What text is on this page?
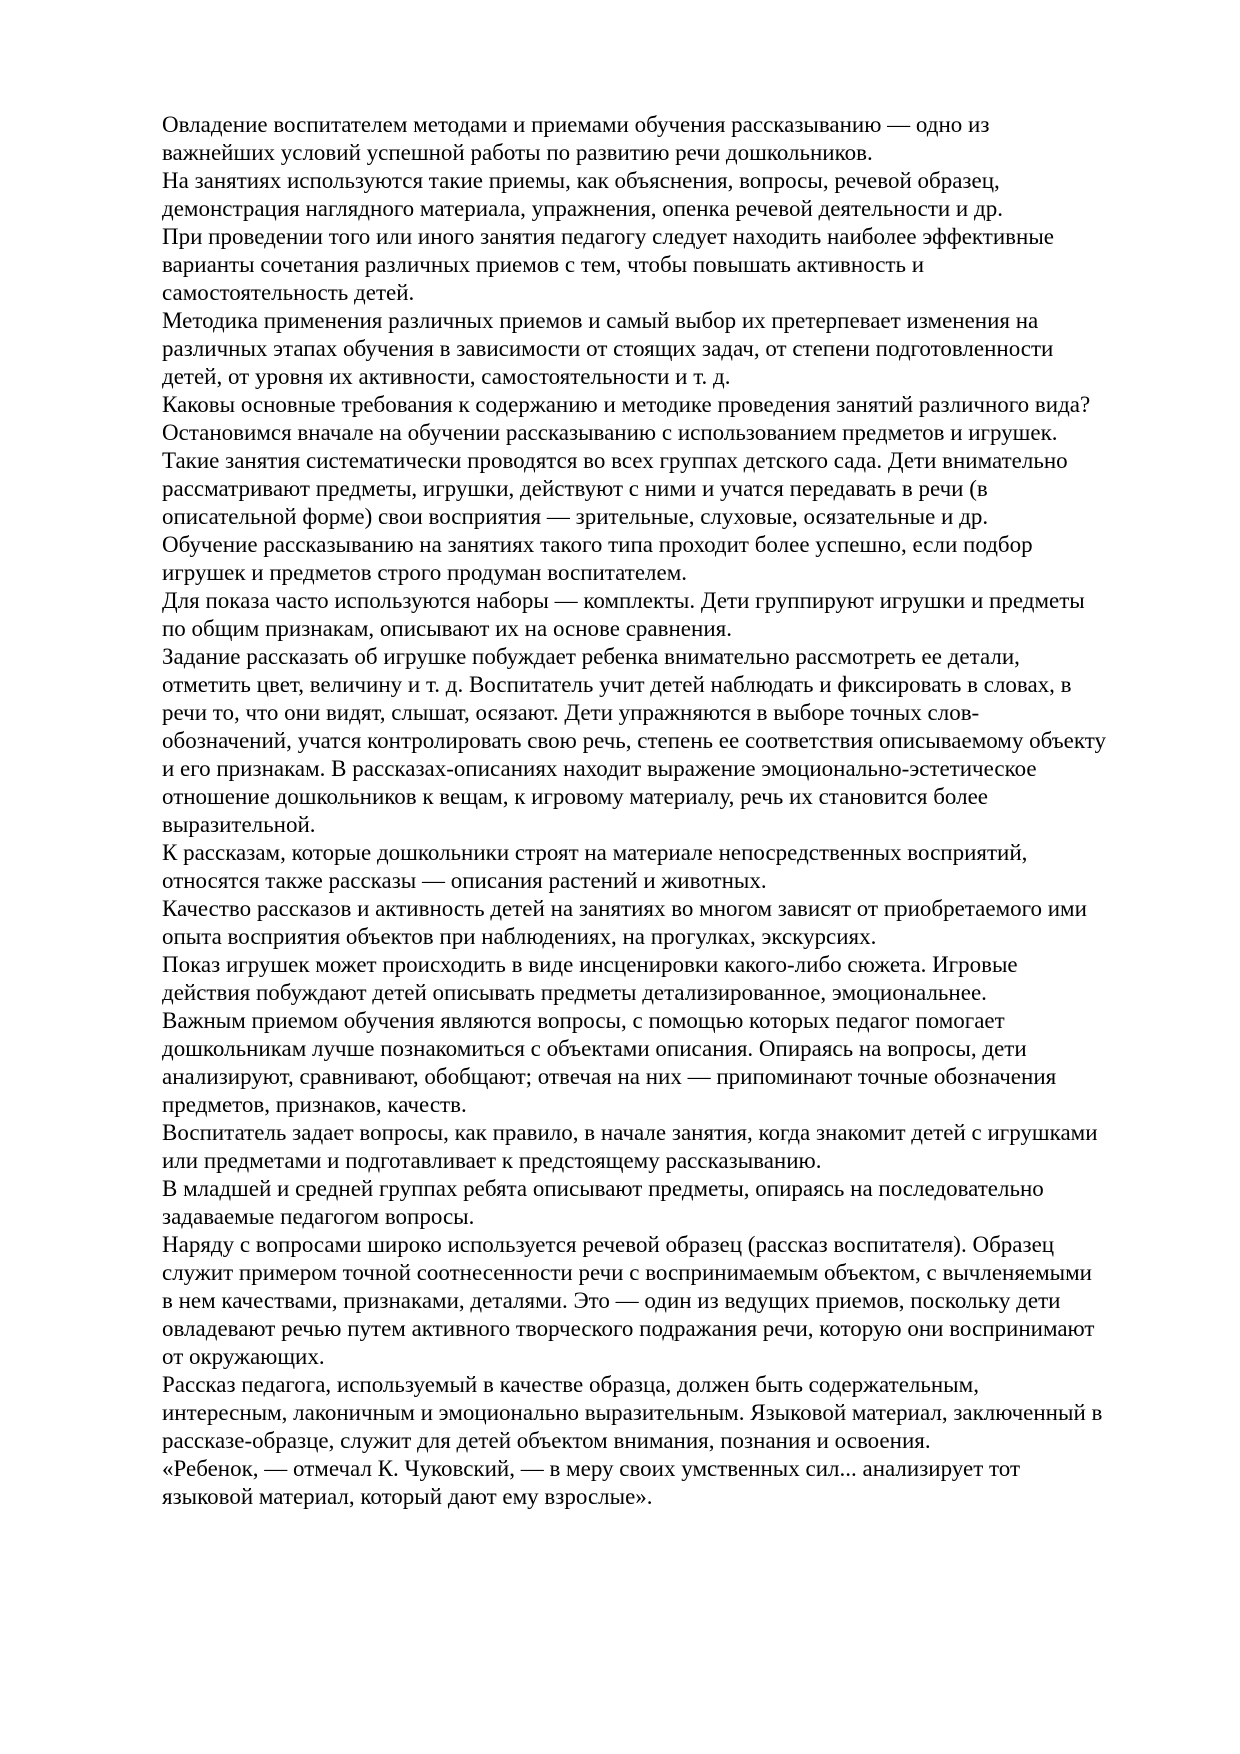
Овладение воспитателем методами и приемами обучения рассказыванию — одно из важнейших условий успешной работы по развитию речи дошкольников.

На занятиях используются такие приемы, как объяснения, вопросы, речевой образец, демонстрация наглядного материала, упражнения, опенка речевой деятельности и др.

При проведении того или иного занятия педагогу следует находить наиболее эффективные варианты сочетания различных приемов с тем, чтобы повышать активность и самостоятельность детей.

Методика применения различных приемов и самый выбор их претерпевает изменения на различных этапах обучения в зависимости от стоящих задач, от степени подготовленности детей, от уровня их активности, самостоятельности и т. д.

Каковы основные требования к содержанию и методике проведения занятий различного вида?

Остановимся вначале на обучении рассказыванию с использованием предметов и игрушек.

Такие занятия систематически проводятся во всех группах детского сада. Дети внимательно рассматривают предметы, игрушки, действуют с ними и учатся передавать в речи (в описательной форме) свои восприятия — зрительные, слуховые, осязательные и др.

Обучение рассказыванию на занятиях такого типа проходит более успешно, если подбор игрушек и предметов строго продуман воспитателем.

Для показа часто используются наборы — комплекты. Дети группируют игрушки и предметы по общим признакам, описывают их на основе сравнения.

Задание рассказать об игрушке побуждает ребенка внимательно рассмотреть ее детали, отметить цвет, величину и т. д. Воспитатель учит детей наблюдать и фиксировать в словах, в речи то, что они видят, слышат, осязают. Дети упражняются в выборе точных слов-обозначений, учатся контролировать свою речь, степень ее соответствия описываемому объекту и его признакам. В рассказах-описаниях находит выражение эмоционально-эстетическое отношение дошкольников к вещам, к игровому материалу, речь их становится более выразительной.

К рассказам, которые дошкольники строят на материале непосредственных восприятий, относятся также рассказы — описания растений и животных.

Качество рассказов и активность детей на занятиях во многом зависят от приобретаемого ими опыта восприятия объектов при наблюдениях, на прогулках, экскурсиях.

Показ игрушек может происходить в виде инсценировки какого-либо сюжета. Игровые действия побуждают детей описывать предметы детализированное, эмоциональнее.

Важным приемом обучения являются вопросы, с помощью которых педагог помогает дошкольникам лучше познакомиться с объектами описания. Опираясь на вопросы, дети анализируют, сравнивают, обобщают; отвечая на них — припоминают точные обозначения предметов, признаков, качеств.

Воспитатель задает вопросы, как правило, в начале занятия, когда знакомит детей с игрушками или предметами и подготавливает к предстоящему рассказыванию.

В младшей и средней группах ребята описывают предметы, опираясь на последовательно задаваемые педагогом вопросы.

Наряду с вопросами широко используется речевой образец (рассказ воспитателя). Образец служит примером точной соотнесенности речи с воспринимаемым объектом, с вычленяемыми в нем качествами, признаками, деталями. Это — один из ведущих приемов, поскольку дети овладевают речью путем активного творческого подражания речи, которую они воспринимают от окружающих.

Рассказ педагога, используемый в качестве образца, должен быть содержательным, интересным, лаконичным и эмоционально выразительным. Языковой материал, заключенный в рассказе-образце, служит для детей объектом внимания, познания и освоения.

«Ребенок, — отмечал К. Чуковский, — в меру своих умственных сил... анализирует тот языковой материал, который дают ему взрослые».
